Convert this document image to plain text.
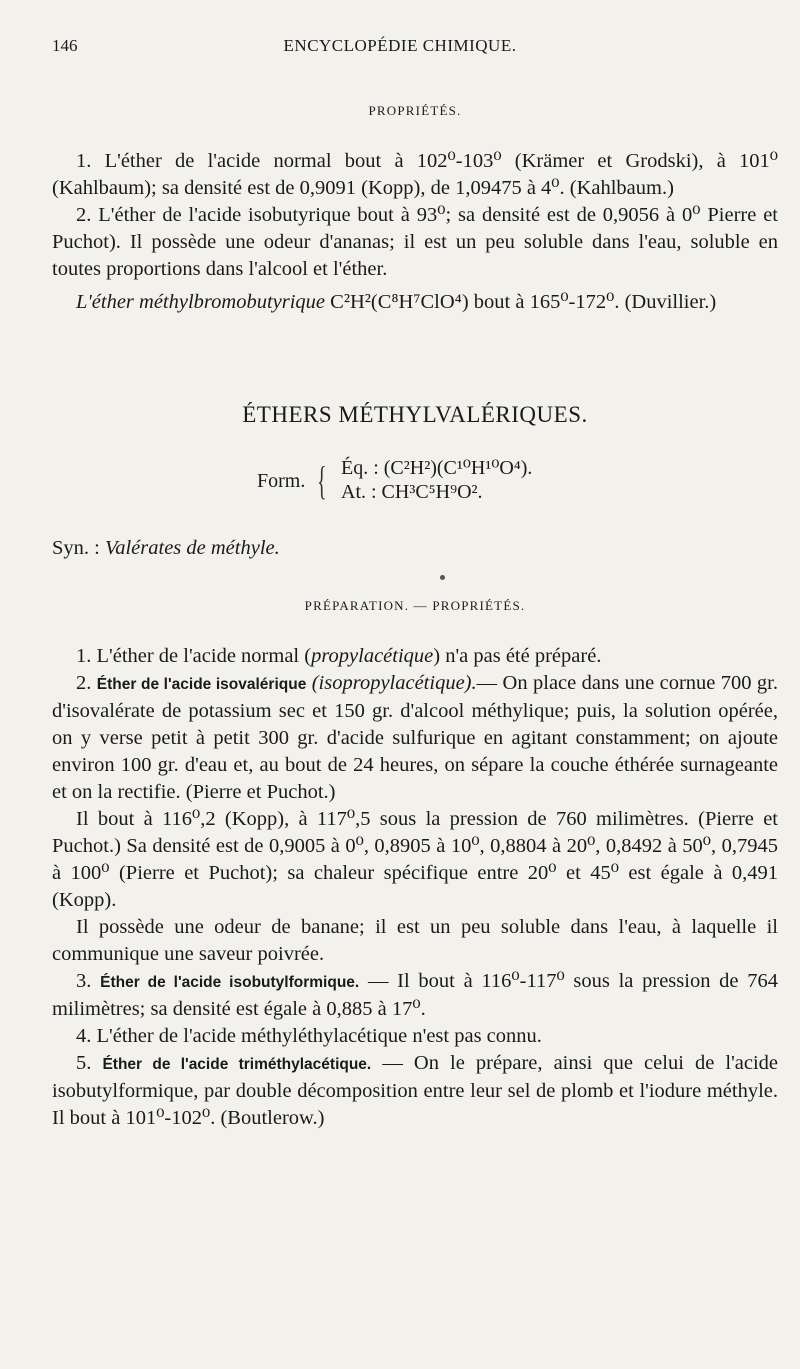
146	ENCYCLOPÉDIE CHIMIQUE.
PROPRIÉTÉS.

1. L'éther de l'acide normal bout à 102⁰-103⁰ (Krämer et Grodski), à 101⁰ (Kahlbaum); sa densité est de 0,9091 (Kopp), de 1,09475 à 4⁰. (Kahlbaum.)

2. L'éther de l'acide isobutyrique bout à 93⁰; sa densité est de 0,9056 à 0⁰ Pierre et Puchot). Il possède une odeur d'ananas; il est un peu soluble dans l'eau, soluble en toutes proportions dans l'alcool et l'éther.

L'éther méthylbromobutyrique C²H²(C⁸H⁷ClO⁴) bout à 165⁰-172⁰. (Duvillier.)

ÉTHERS MÉTHYLVALÉRIQUES.
Form. { Éq. : (C²H²)(C¹⁰H¹⁰O⁴).
At. : CH³C⁵H⁹O².
Syn. : Valérates de méthyle.
PRÉPARATION. — PROPRIÉTÉS.

1. L'éther de l'acide normal (propylacétique) n'a pas été préparé.

2. Éther de l'acide isovalérique (isopropylacétique).— On place dans une cornue 700 gr. d'isovalérate de potassium sec et 150 gr. d'alcool méthylique; puis, la solution opérée, on y verse petit à petit 300 gr. d'acide sulfurique en agitant constamment; on ajoute environ 100 gr. d'eau et, au bout de 24 heures, on sépare la couche éthérée surnageante et on la rectifie. (Pierre et Puchot.)

Il bout à 116⁰,2 (Kopp), à 117⁰,5 sous la pression de 760 milimètres. (Pierre et Puchot.) Sa densité est de 0,9005 à 0⁰, 0,8905 à 10⁰, 0,8804 à 20⁰, 0,8492 à 50⁰, 0,7945 à 100⁰ (Pierre et Puchot); sa chaleur spécifique entre 20⁰ et 45⁰ est égale à 0,491 (Kopp).

Il possède une odeur de banane; il est un peu soluble dans l'eau, à laquelle il communique une saveur poivrée.

3. Éther de l'acide isobutylformique. — Il bout à 116⁰-117⁰ sous la pression de 764 milimètres; sa densité est égale à 0,885 à 17⁰.

4. L'éther de l'acide méthyléthylacétique n'est pas connu.

5. Éther de l'acide triméthylacétique. — On le prépare, ainsi que celui de l'acide isobutylformique, par double décomposition entre leur sel de plomb et l'iodure méthyle. Il bout à 101⁰-102⁰. (Boutlerow.)
